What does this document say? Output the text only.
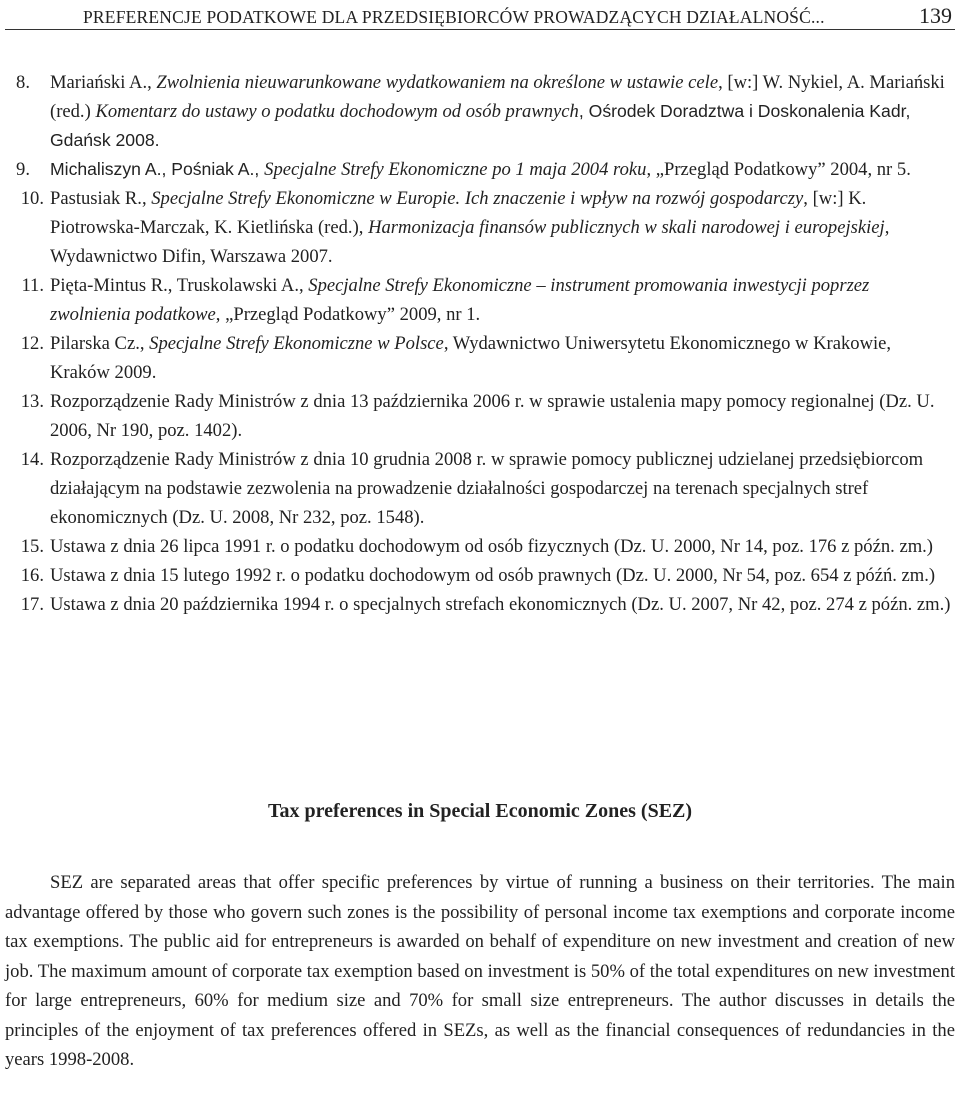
PREFERENCJE PODATKOWE DLA PRZEDSIĘBIORCÓW PROWADZĄCYCH DZIAŁALNOŚĆ...	139
8. Mariański A., Zwolnienia nieuwarunkowane wydatkowaniem na określone w ustawie cele, [w:] W. Nykiel, A. Mariański (red.) Komentarz do ustawy o podatku dochodowym od osób prawnych, Ośrodek Doradztwa i Doskonalenia Kadr, Gdańsk 2008.
9. Michaliszyn A., Pośniak A., Specjalne Strefy Ekonomiczne po 1 maja 2004 roku, „Przegląd Podatkowy” 2004, nr 5.
10. Pastusiak R., Specjalne Strefy Ekonomiczne w Europie. Ich znaczenie i wpływ na rozwój gospodarczy, [w:] K. Piotrowska-Marczak, K. Kietlińska (red.), Harmonizacja finansów publicznych w skali narodowej i europejskiej, Wydawnictwo Difin, Warszawa 2007.
11. Pięta-Mintus R., Truskolawski A., Specjalne Strefy Ekonomiczne – instrument promowania inwestycji poprzez zwolnienia podatkowe, „Przegląd Podatkowy” 2009, nr 1.
12. Pilarska Cz., Specjalne Strefy Ekonomiczne w Polsce, Wydawnictwo Uniwersytetu Ekonomicznego w Krakowie, Kraków 2009.
13. Rozporządzenie Rady Ministrów z dnia 13 października 2006 r. w sprawie ustalenia mapy pomocy regionalnej (Dz. U. 2006, Nr 190, poz. 1402).
14. Rozporządzenie Rady Ministrów z dnia 10 grudnia 2008 r. w sprawie pomocy publicznej udzielanej przedsiębiorcom działającym na podstawie zezwolenia na prowadzenie działalności gospodarczej na terenach specjalnych stref ekonomicznych (Dz. U. 2008, Nr 232, poz. 1548).
15. Ustawa z dnia 26 lipca 1991 r. o podatku dochodowym od osób fizycznych (Dz. U. 2000, Nr 14, poz. 176 z późn. zm.)
16. Ustawa z dnia 15 lutego 1992 r. o podatku dochodowym od osób prawnych (Dz. U. 2000, Nr 54, poz. 654 z późń. zm.)
17. Ustawa z dnia 20 października 1994 r. o specjalnych strefach ekonomicznych (Dz. U. 2007, Nr 42, poz. 274 z późn. zm.)
Tax preferences in Special Economic Zones (SEZ)

SEZ are separated areas that offer specific preferences by virtue of running a business on their territories. The main advantage offered by those who govern such zones is the possibility of personal income tax exemptions and corporate income tax exemptions. The public aid for entrepreneurs is awarded on behalf of expenditure on new investment and creation of new job. The maximum amount of corporate tax exemption based on investment is 50% of the total expenditures on new investment for large entrepreneurs, 60% for medium size and 70% for small size entrepreneurs. The author discusses in details the principles of the enjoyment of tax preferences offered in SEZs, as well as the financial consequences of redundancies in the years 1998-2008.
